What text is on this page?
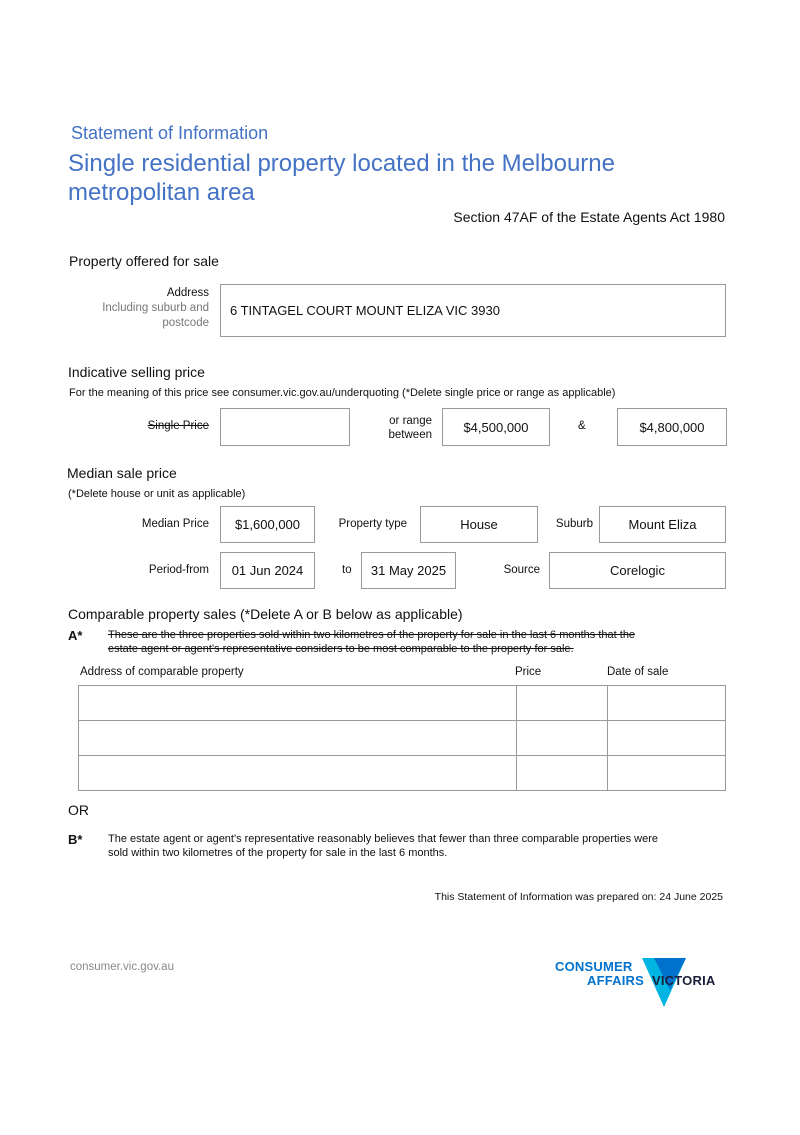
Statement of Information
Single residential property located in the Melbourne
metropolitan area
Section 47AF of the Estate Agents Act 1980
Property offered for sale
Address
Including suburb and
postcode
6 TINTAGEL COURT MOUNT ELIZA VIC 3930
Indicative selling price
For the meaning of this price see consumer.vic.gov.au/underquoting (*Delete single price or range as applicable)
Single Price	or range
between
$4,500,000	&	$4,800,000
Median sale price
(*Delete house or unit as applicable)
Median Price	$1,600,000	Property type	House	Suburb	Mount Eliza
Period-from	01 Jun 2024	to	31 May 2025	Source	Corelogic
Comparable property sales (*Delete A or B below as applicable)
A* These are the three properties sold within two kilometres of the property for sale in the last 6 months that the
estate agent or agent's representative considers to be most comparable to the property for sale.
Address of comparable property	Price	Date of sale

OR
B* The estate agent or agent's representative reasonably believes that fewer than three comparable properties were
sold within two kilometres of the property for sale in the last 6 months.
This Statement of Information was prepared on: 24 June 2025
consumer.vic.gov.au	CONSUMER
AFFAIRS VICTORIA
